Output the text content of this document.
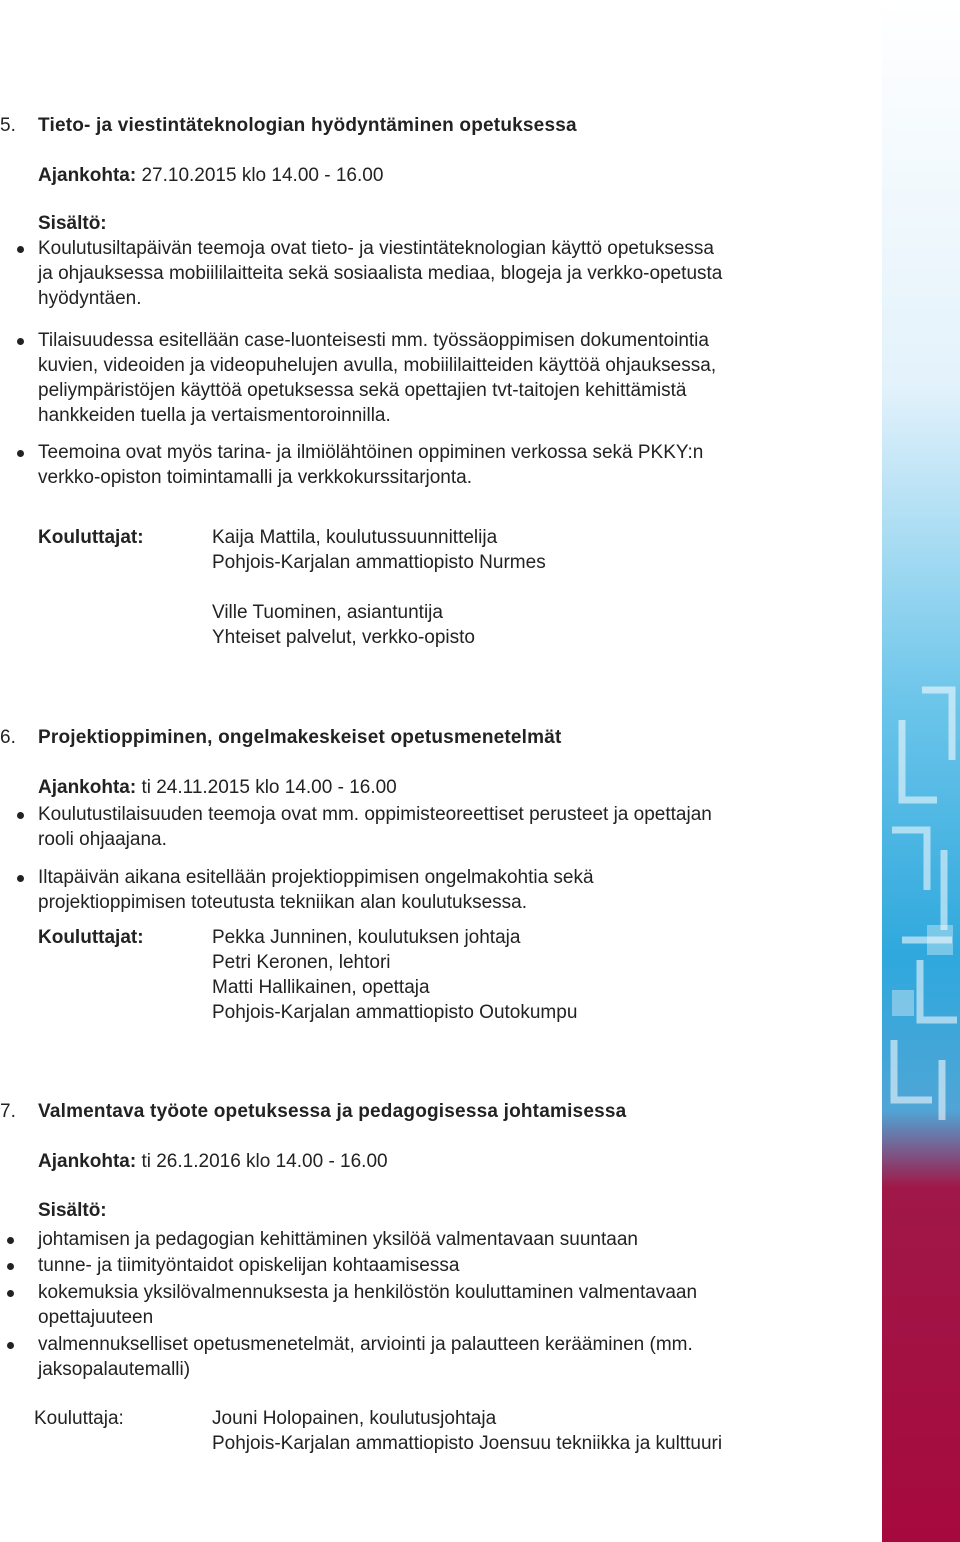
5. Tieto- ja viestintäteknologian hyödyntäminen opetuksessa
Ajankohta: 27.10.2015 klo 14.00 - 16.00
Sisältö:

Koulutusiltapäivän teemoja ovat tieto- ja viestintäteknologian käyttö opetuksessa

ja ohjauksessa mobiililaitteita sekä sosiaalista mediaa, blogeja ja verkko-opetusta

hyödyntäen.

Tilaisuudessa esitellään case-luonteisesti mm. työssäoppimisen dokumentointia

kuvien, videoiden ja videopuhelujen avulla, mobiililaitteiden käyttöä ohjauksessa,

peliympäristöjen käyttöä opetuksessa sekä opettajien tvt-taitojen kehittämistä

hankkeiden tuella ja vertaismentoroinnilla.

Teemoina ovat myös tarina- ja ilmiölähtöinen oppiminen verkossa sekä PKKY:n

verkko-opiston toimintamalli ja verkkokurssitarjonta.

Kouluttajat:	Kaija Mattila, koulutussuunnittelija
Pohjois-Karjalan ammattiopisto Nurmes
Ville Tuominen, asiantuntija
Yhteiset palvelut, verkko-opisto
6. Projektioppiminen, ongelmakeskeiset opetusmenetelmät
Ajankohta: ti 24.11.2015 klo 14.00 - 16.00

Koulutustilaisuuden teemoja ovat mm. oppimisteoreettiset perusteet ja opettajan

rooli ohjaajana.

Iltapäivän aikana esitellään projektioppimisen ongelmakohtia sekä

projektioppimisen toteutusta tekniikan alan koulutuksessa.

Kouluttajat:	Pekka Junninen, koulutuksen johtaja
Petri Keronen, lehtori
Matti Hallikainen, opettaja
Pohjois-Karjalan ammattiopisto Outokumpu
7. Valmentava työote opetuksessa ja pedagogisessa johtamisessa
Ajankohta: ti 26.1.2016 klo 14.00 - 16.00
Sisältö:

johtamisen ja pedagogian kehittäminen yksilöä valmentavaan suuntaan

tunne- ja tiimityöntaidot opiskelijan kohtaamisessa

kokemuksia yksilövalmennuksesta ja henkilöstön kouluttaminen valmentavaan

opettajuuteen

valmennukselliset opetusmenetelmät, arviointi ja palautteen kerääminen (mm.

jaksopalautemalli)

Kouluttaja:	Jouni Holopainen, koulutusjohtaja
Pohjois-Karjalan ammattiopisto Joensuu tekniikka ja kulttuuri
